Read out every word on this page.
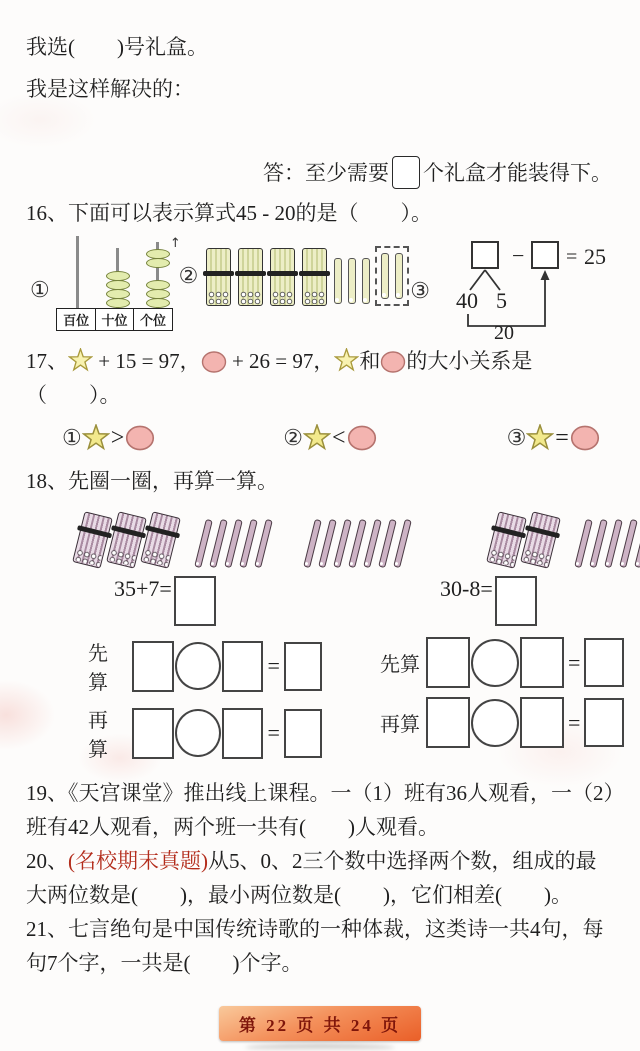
我选(　　)号礼盒。
我是这样解决的：
答：至少需要 个礼盒才能装得下。
16、下面可以表示算式45 - 20的是（　　）。
①
↑
百位 十位 个位
②
③
− = 25
40 5
20
17、 + 15 = 97， + 26 = 97， 和 的大小关系是（　　）。
① >	② <	③ =
18、先圈一圈，再算一算。
35+7=
先算
=
再算
=
30-8=
先算	=
再算	=
19、《天宫课堂》推出线上课程。一（1）班有36人观看，一（2）班有42人观看，两个班一共有(　　)人观看。
20、(名校期末真题)从5、0、2三个数中选择两个数，组成的最大两位数是(　　)，最小两位数是(　　)，它们相差(　　)。
21、七言绝句是中国传统诗歌的一种体裁，这类诗一共4句，每句7个字，一共是(　　)个字。
第 22 页 共 24 页
